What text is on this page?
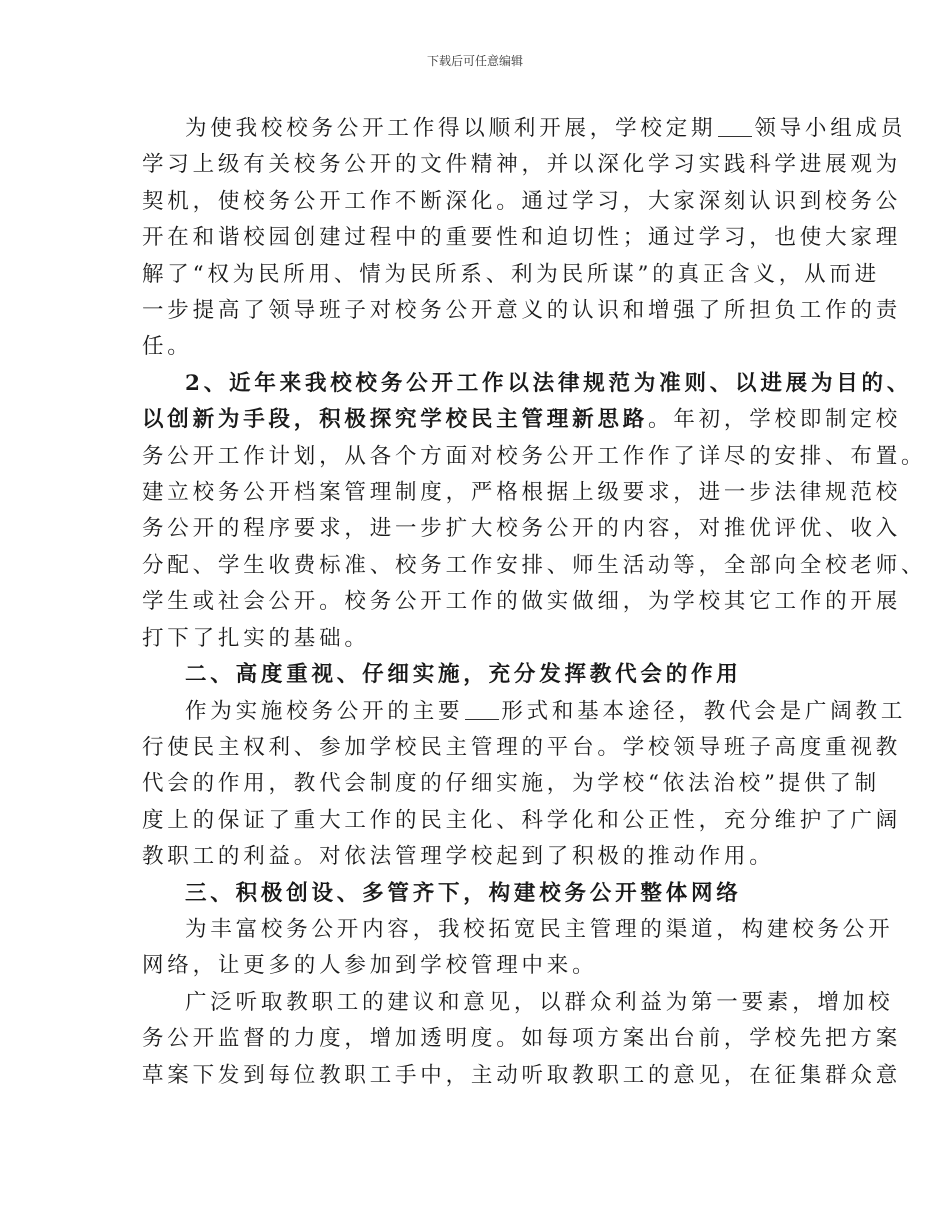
下载后可任意编辑
为使我校校务公开工作得以顺利开展，学校定期 领导小组成员
学习上级有关校务公开的文件精神，并以深化学习实践科学进展观为
契机，使校务公开工作不断深化。通过学习，大家深刻认识到校务公
开在和谐校园创建过程中的重要性和迫切性；通过学习，也使大家理
解了“权为民所用、情为民所系、利为民所谋”的真正含义，从而进
一步提高了领导班子对校务公开意义的认识和增强了所担负工作的责
任。
2、近年来我校校务公开工作以法律规范为准则、以进展为目的、
以创新为手段，积极探究学校民主管理新思路。年初，学校即制定校
务公开工作计划，从各个方面对校务公开工作作了详尽的安排、布置。
建立校务公开档案管理制度，严格根据上级要求，进一步法律规范校
务公开的程序要求，进一步扩大校务公开的内容，对推优评优、收入
分配、学生收费标准、校务工作安排、师生活动等，全部向全校老师、
学生或社会公开。校务公开工作的做实做细，为学校其它工作的开展
打下了扎实的基础。
二、高度重视、仔细实施，充分发挥教代会的作用
作为实施校务公开的主要 形式和基本途径，教代会是广阔教工
行使民主权利、参加学校民主管理的平台。学校领导班子高度重视教
代会的作用，教代会制度的仔细实施，为学校“依法治校”提供了制
度上的保证了重大工作的民主化、科学化和公正性，充分维护了广阔
教职工的利益。对依法管理学校起到了积极的推动作用。
三、积极创设、多管齐下，构建校务公开整体网络
为丰富校务公开内容，我校拓宽民主管理的渠道，构建校务公开
网络，让更多的人参加到学校管理中来。
广泛听取教职工的建议和意见，以群众利益为第一要素，增加校
务公开监督的力度，增加透明度。如每项方案出台前，学校先把方案
草案下发到每位教职工手中，主动听取教职工的意见，在征集群众意
